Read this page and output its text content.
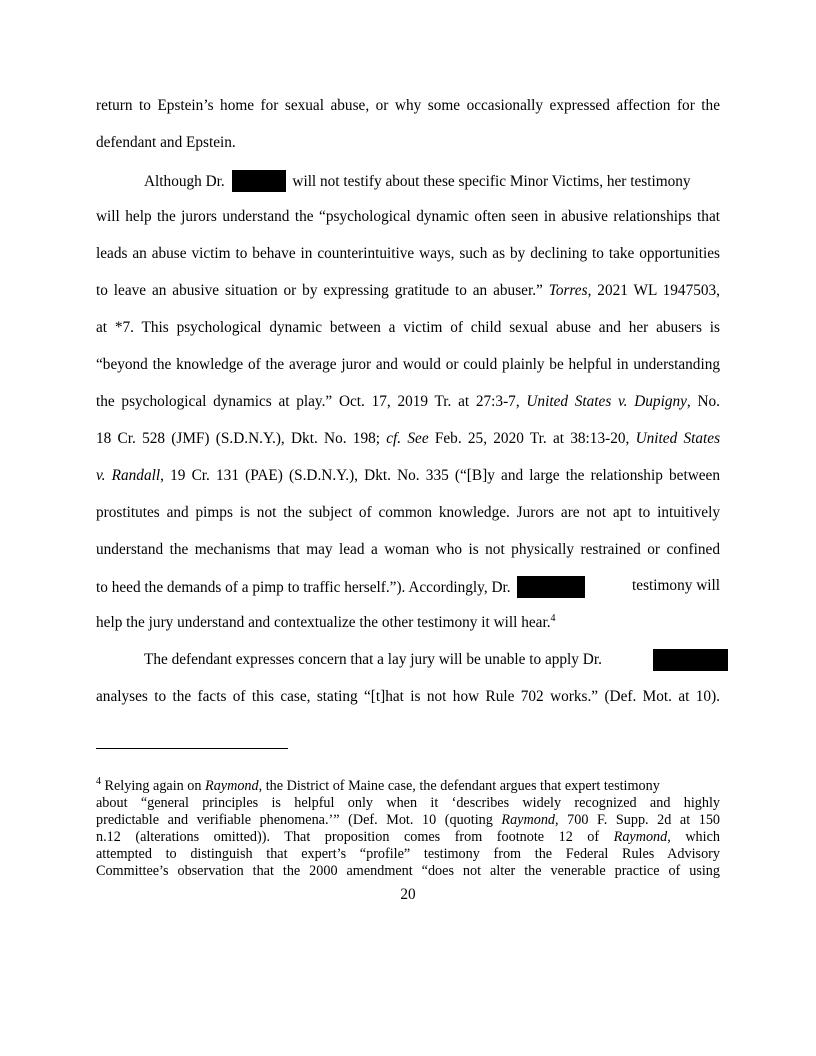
return to Epstein’s home for sexual abuse, or why some occasionally expressed affection for the
defendant and Epstein.
Although Dr.	will not testify about these specific Minor Victims, her testimony
will help the jurors understand the “psychological dynamic often seen in abusive relationships that
leads an abuse victim to behave in counterintuitive ways, such as by declining to take opportunities
to leave an abusive situation or by expressing gratitude to an abuser.” Torres, 2021 WL 1947503,
at *7. This psychological dynamic between a victim of child sexual abuse and her abusers is
“beyond the knowledge of the average juror and would or could plainly be helpful in understanding
the psychological dynamics at play.” Oct. 17, 2019 Tr. at 27:3-7, United States v. Dupigny, No.
18 Cr. 528 (JMF) (S.D.N.Y.), Dkt. No. 198; cf. See Feb. 25, 2020 Tr. at 38:13-20, United States
v. Randall, 19 Cr. 131 (PAE) (S.D.N.Y.), Dkt. No. 335 (“[B]y and large the relationship between
prostitutes and pimps is not the subject of common knowledge. Jurors are not apt to intuitively
understand the mechanisms that may lead a woman who is not physically restrained or confined
to heed the demands of a pimp to traffic herself.”). Accordingly, Dr.	testimony will
help the jury understand and contextualize the other testimony it will hear.$^4$
The defendant expresses concern that a lay jury will be unable to apply Dr.
analyses to the facts of this case, stating “[t]hat is not how Rule 702 works.” (Def. Mot. at 10).
$^4$ Relying again on Raymond, the District of Maine case, the defendant argues that expert testimony
about “general principles is helpful only when it ‘describes widely recognized and highly
predictable and verifiable phenomena.’” (Def. Mot. 10 (quoting Raymond, 700 F. Supp. 2d at 150
n.12 (alterations omitted)). That proposition comes from footnote 12 of Raymond, which
attempted to distinguish that expert’s “profile” testimony from the Federal Rules Advisory
Committee’s observation that the 2000 amendment “does not alter the venerable practice of using
20
